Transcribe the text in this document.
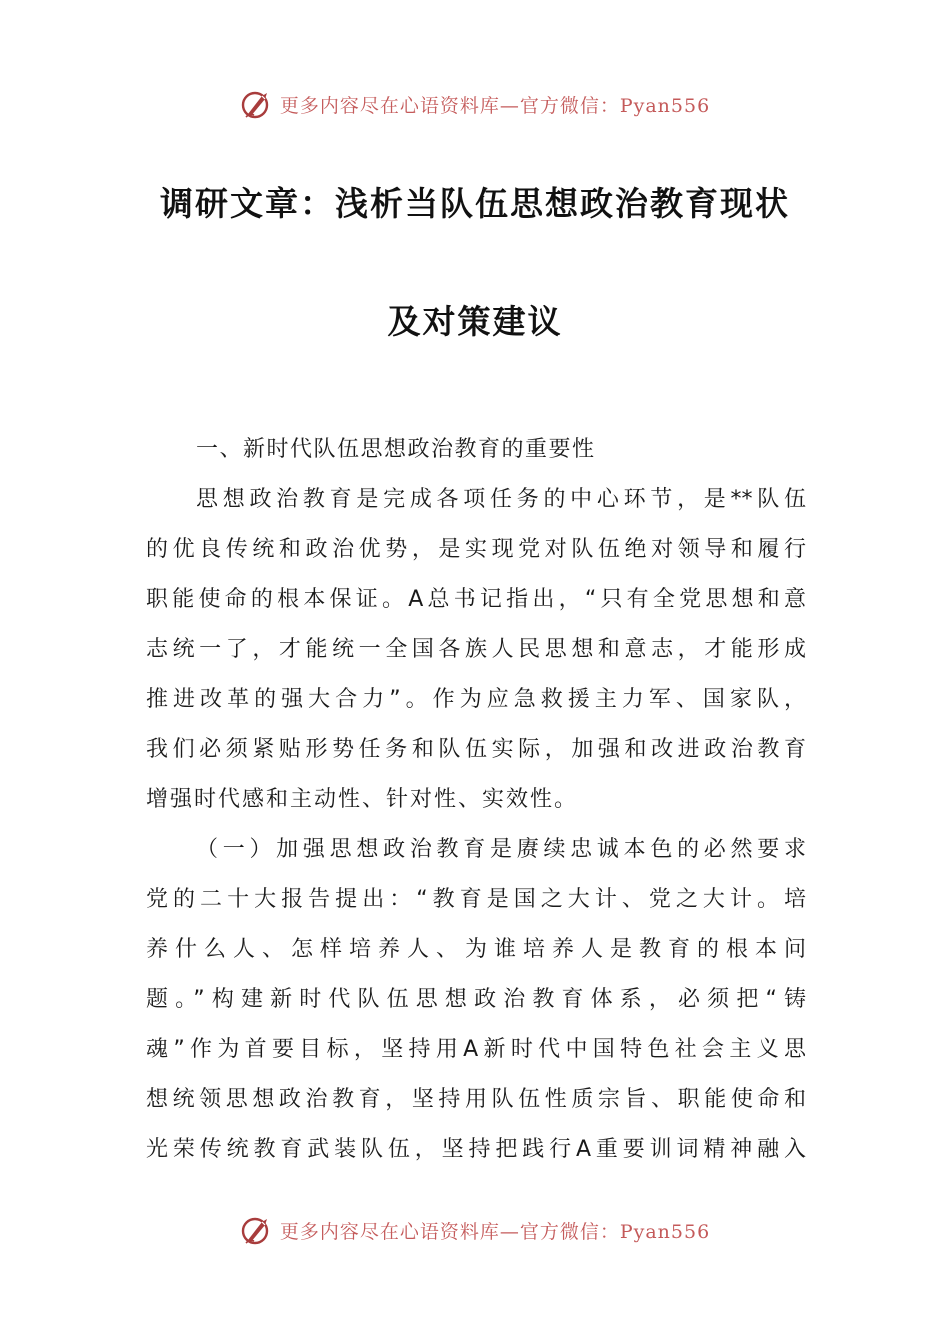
更多内容尽在心语资料库—官方微信：Pyan556
调研文章：浅析当队伍思想政治教育现状
及对策建议
一、新时代队伍思想政治教育的重要性
思想政治教育是完成各项任务的中心环节，是**队伍
的优良传统和政治优势，是实现党对队伍绝对领导和履行
职能使命的根本保证。A总书记指出，“只有全党思想和意
志统一了，才能统一全国各族人民思想和意志，才能形成
推进改革的强大合力”。作为应急救援主力军、国家队，
我们必须紧贴形势任务和队伍实际，加强和改进政治教育
增强时代感和主动性、针对性、实效性。
（一）加强思想政治教育是赓续忠诚本色的必然要求
党的二十大报告提出：“教育是国之大计、党之大计。培
养什么人、怎样培养人、为谁培养人是教育的根本问
题。”构建新时代队伍思想政治教育体系，必须把“铸
魂”作为首要目标，坚持用A新时代中国特色社会主义思
想统领思想政治教育，坚持用队伍性质宗旨、职能使命和
光荣传统教育武装队伍，坚持把践行A重要训词精神融入
更多内容尽在心语资料库—官方微信：Pyan556
